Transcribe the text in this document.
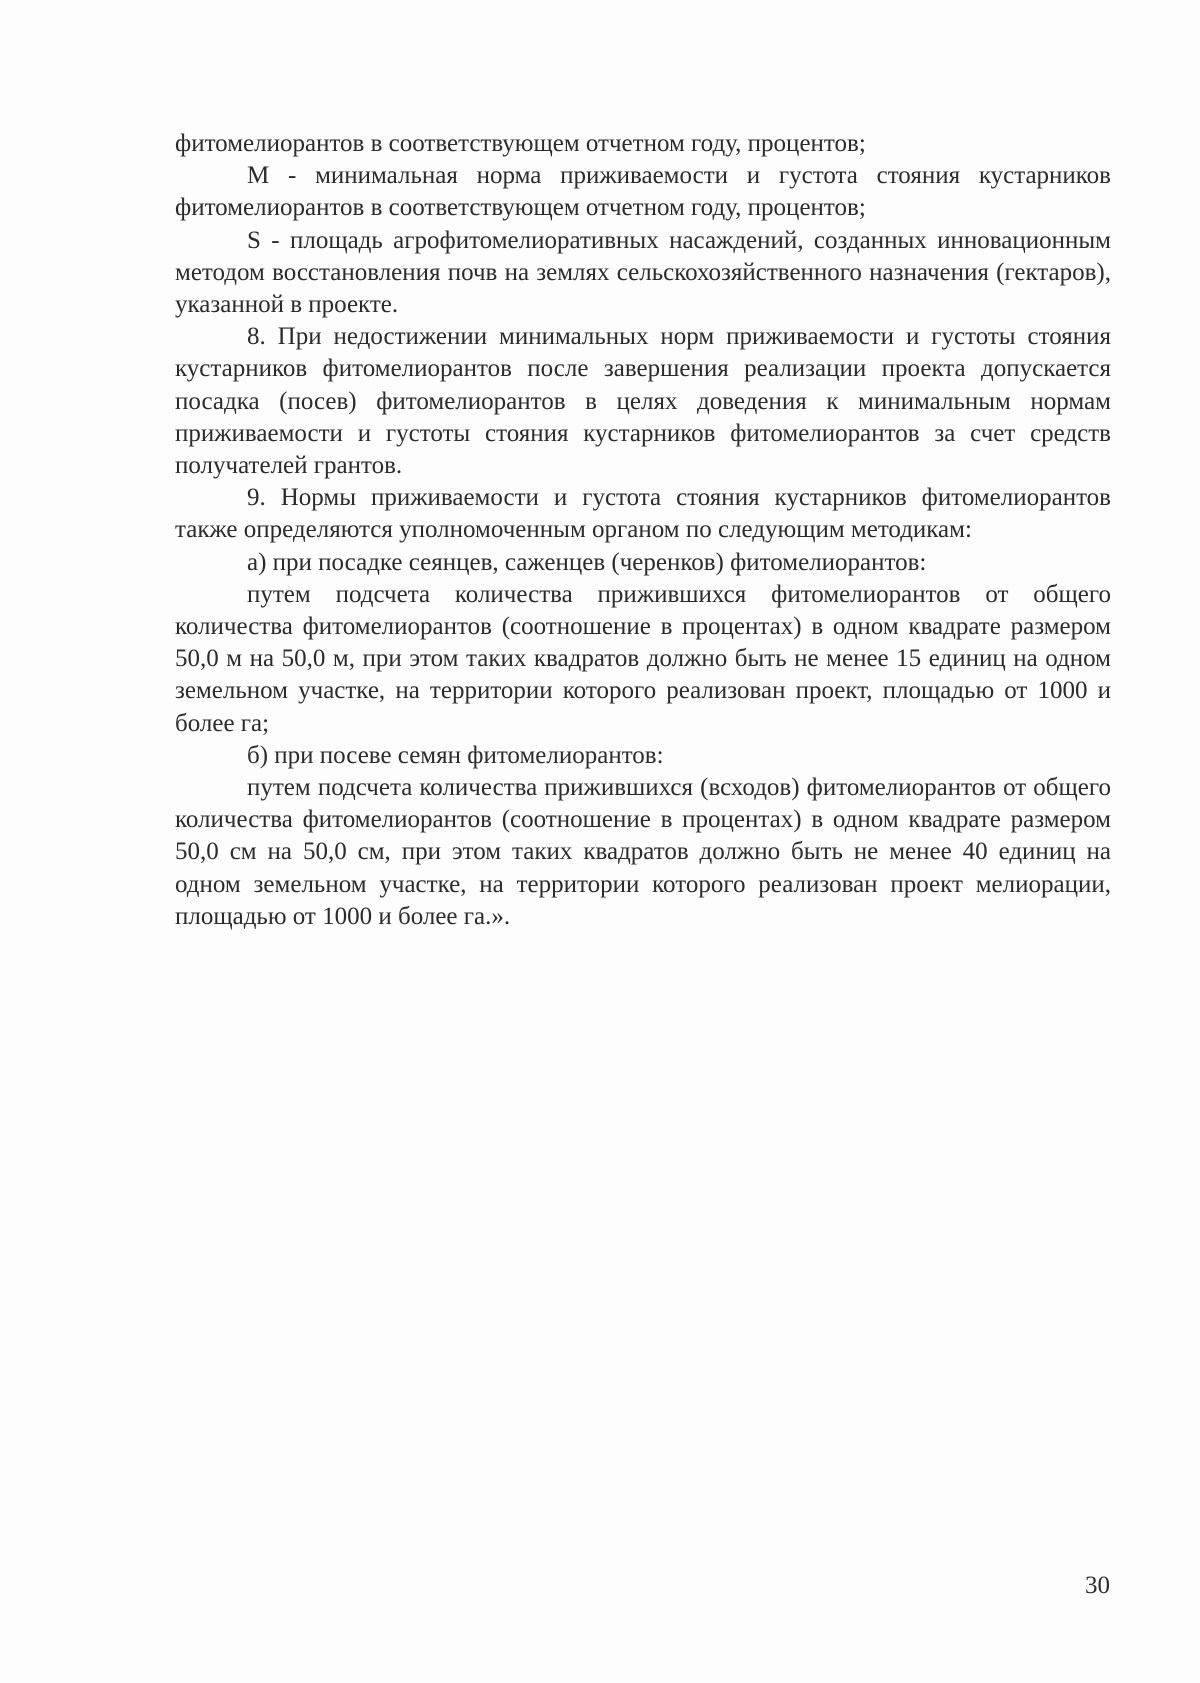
фитомелиорантов в соответствующем отчетном году, процентов;

М - минимальная норма приживаемости и густота стояния кустарников фитомелиорантов в соответствующем отчетном году, процентов;

S - площадь агрофитомелиоративных насаждений, созданных инновационным методом восстановления почв на землях сельскохозяйственного назначения (гектаров), указанной в проекте.

8. При недостижении минимальных норм приживаемости и густоты стояния кустарников фитомелиорантов после завершения реализации проекта допускается посадка (посев) фитомелиорантов в целях доведения к минимальным нормам приживаемости и густоты стояния кустарников фитомелиорантов за счет средств получателей грантов.

9. Нормы приживаемости и густота стояния кустарников фитомелиорантов также определяются уполномоченным органом по следующим методикам:

а) при посадке сеянцев, саженцев (черенков) фитомелиорантов:

путем подсчета количества прижившихся фитомелиорантов от общего количества фитомелиорантов (соотношение в процентах) в одном квадрате размером 50,0 м на 50,0 м, при этом таких квадратов должно быть не менее 15 единиц на одном земельном участке, на территории которого реализован проект, площадью от 1000 и более га;

б) при посеве семян фитомелиорантов:

путем подсчета количества прижившихся (всходов) фитомелиорантов от общего количества фитомелиорантов (соотношение в процентах) в одном квадрате размером 50,0 см на 50,0 см, при этом таких квадратов должно быть не менее 40 единиц на одном земельном участке, на территории которого реализован проект мелиорации, площадью от 1000 и более га.».

30
